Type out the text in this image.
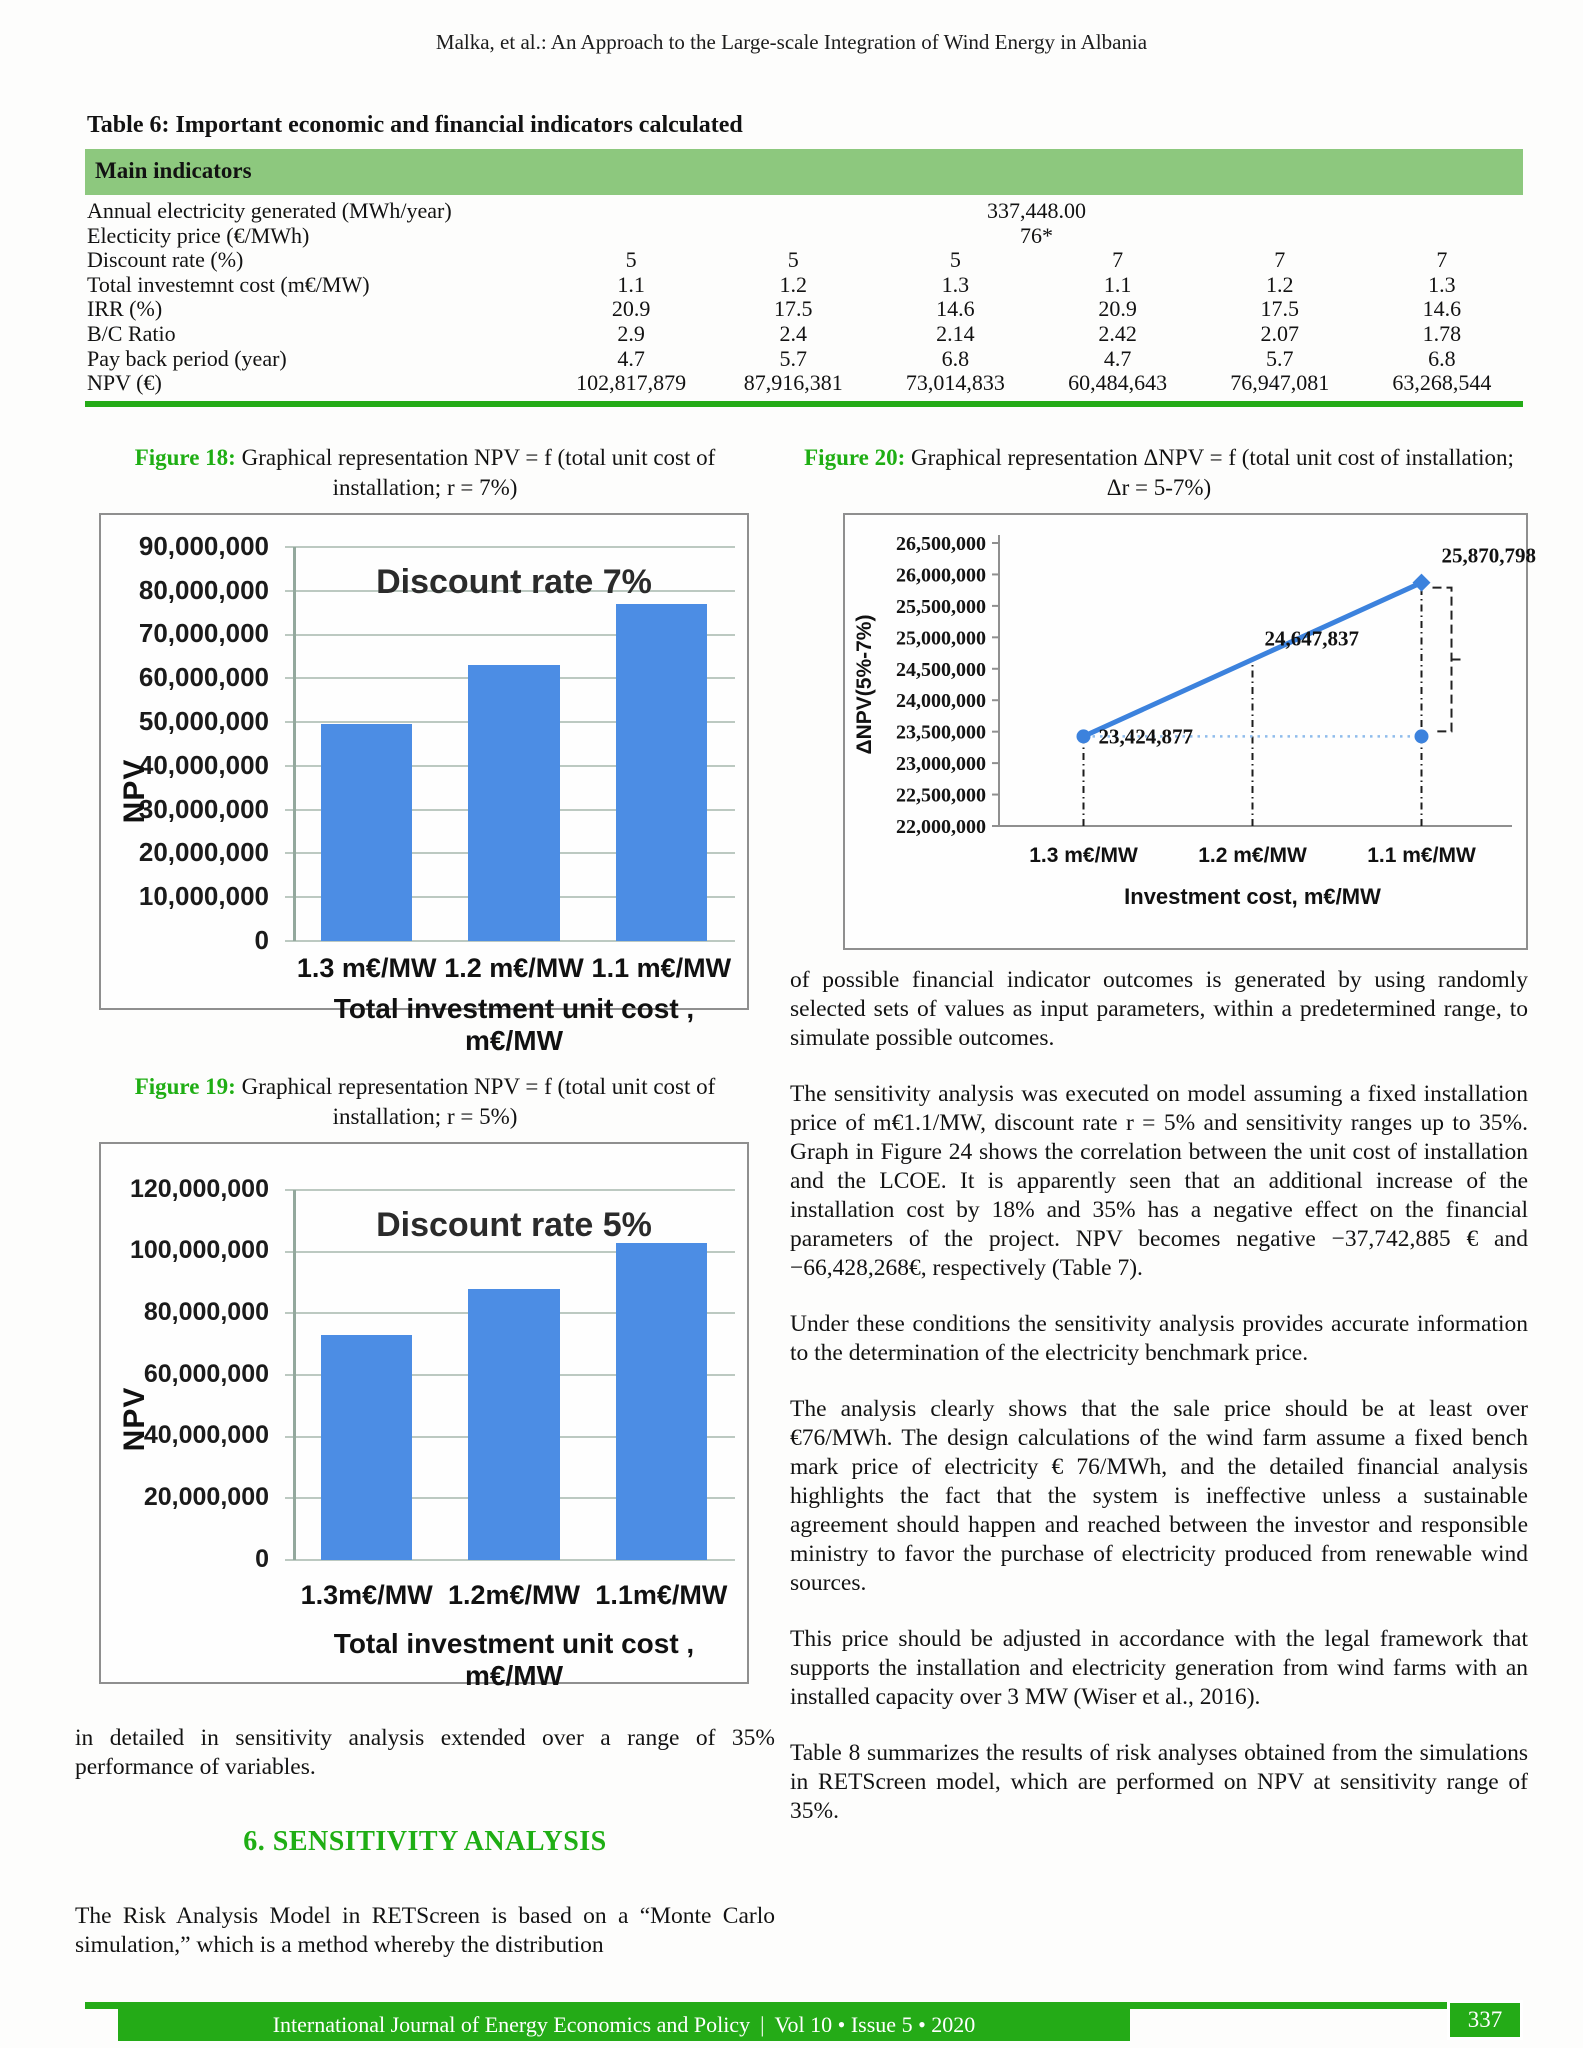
Malka, et al.: An Approach to the Large-scale Integration of Wind Energy in Albania
Table 6: Important economic and financial indicators calculated
Main indicators
Annual electricity generated (MWh/year)	337,448.00
Electicity price (€/MWh)	76*
Discount rate (%)	5	5	5	7	7	7
Total investemnt cost (m€/MW)	1.1	1.2	1.3	1.1	1.2	1.3
IRR (%)	20.9	17.5	14.6	20.9	17.5	14.6
B/C Ratio	2.9	2.4	2.14	2.42	2.07	1.78
Pay back period (year)	4.7	5.7	6.8	4.7	5.7	6.8
NPV (€)	102,817,879	87,916,381	73,014,833	60,484,643	76,947,081	63,268,544
Figure 18: Graphical representation NPV = f (total unit cost of installation; r = 7%)
90,000,000
80,000,000
70,000,000
60,000,000
50,000,000
40,000,000
30,000,000
20,000,000
10,000,000
0
1.3 m€/MW 1.2 m€/MW 1.1 m€/MW
Discount rate 7%
Total investment unit cost , m€/MW
NPV
Figure 19: Graphical representation NPV = f (total unit cost of installation; r = 5%)
120,000,000
100,000,000
80,000,000
60,000,000
40,000,000
20,000,000
0
1.3m€/MW 1.2m€/MW 1.1m€/MW
Discount rate 5%
Total investment unit cost , m€/MW
NPV

in detailed in sensitivity analysis extended over a range of 35% performance of variables.

6. SENSITIVITY ANALYSIS

The Risk Analysis Model in RETScreen is based on a “Monte Carlo simulation,” which is a method whereby the distribution

Figure 20: Graphical representation ΔNPV = f (total unit cost of installation; Δr = 5-7%)
26,500,000
26,000,000
25,500,000
25,000,000
24,500,000
24,000,000
23,500,000
23,000,000
22,500,000
22,000,000
23,424,877
24,647,837
25,870,798
1.3 m€/MW	1.2 m€/MW	1.1 m€/MW
Investment cost, m€/MW
ΔNPV(5%-7%)

of possible financial indicator outcomes is generated by using randomly selected sets of values as input parameters, within a predetermined range, to simulate possible outcomes.

The sensitivity analysis was executed on model assuming a fixed installation price of m€1.1/MW, discount rate r = 5% and sensitivity ranges up to 35%. Graph in Figure 24 shows the correlation between the unit cost of installation and the LCOE. It is apparently seen that an additional increase of the installation cost by 18% and 35% has a negative effect on the financial parameters of the project. NPV becomes negative −37,742,885 € and −66,428,268€, respectively (Table 7).

Under these conditions the sensitivity analysis provides accurate information to the determination of the electricity benchmark price.

The analysis clearly shows that the sale price should be at least over €76/MWh. The design calculations of the wind farm assume a fixed bench mark price of electricity € 76/MWh, and the detailed financial analysis highlights the fact that the system is ineffective unless a sustainable agreement should happen and reached between the investor and responsible ministry to favor the purchase of electricity produced from renewable wind sources.

This price should be adjusted in accordance with the legal framework that supports the installation and electricity generation from wind farms with an installed capacity over 3 MW (Wiser et al., 2016).

Table 8 summarizes the results of risk analyses obtained from the simulations in RETScreen model, which are performed on NPV at sensitivity range of 35%.

International Journal of Energy Economics and Policy | Vol 10 • Issue 5 • 2020	337
